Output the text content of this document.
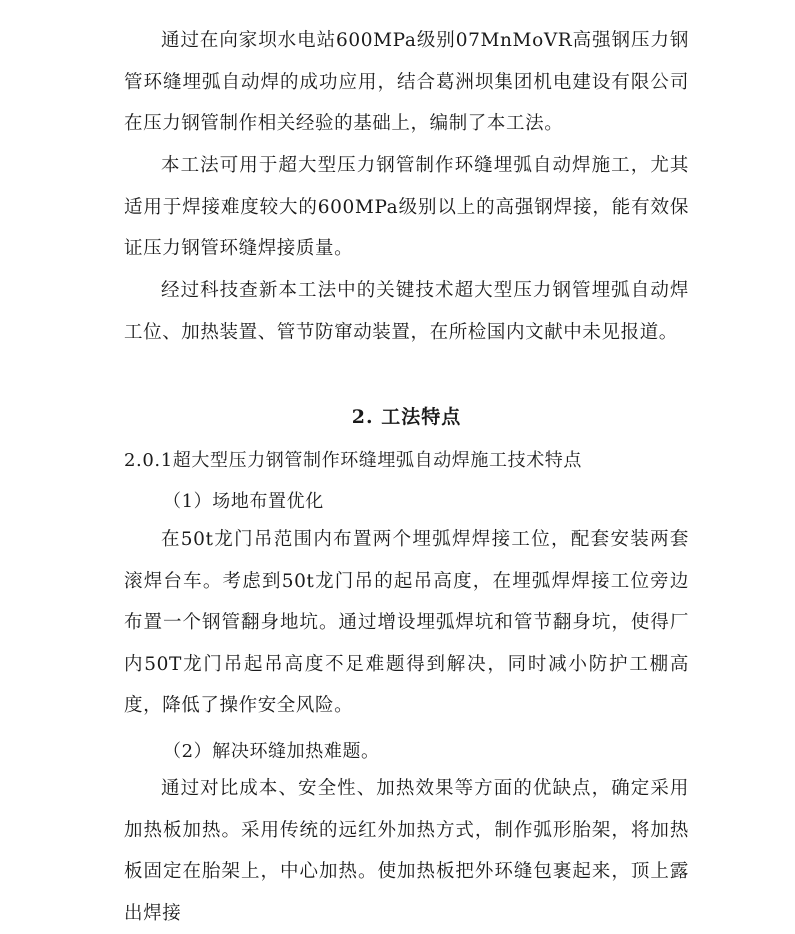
通过在向家坝水电站600MPa级别07MnMoVR高强钢压力钢管环缝埋弧自动焊的成功应用，结合葛洲坝集团机电建设有限公司在压力钢管制作相关经验的基础上，编制了本工法。

本工法可用于超大型压力钢管制作环缝埋弧自动焊施工，尤其适用于焊接难度较大的600MPa级别以上的高强钢焊接，能有效保证压力钢管环缝焊接质量。

经过科技查新本工法中的关键技术超大型压力钢管埋弧自动焊工位、加热装置、管节防窜动装置，在所检国内文献中未见报道。

2. 工法特点

2.0.1超大型压力钢管制作环缝埋弧自动焊施工技术特点

（1）场地布置优化

在50t龙门吊范围内布置两个埋弧焊焊接工位，配套安装两套滚焊台车。考虑到50t龙门吊的起吊高度，在埋弧焊焊接工位旁边布置一个钢管翻身地坑。通过增设埋弧焊坑和管节翻身坑，使得厂内50T龙门吊起吊高度不足难题得到解决，同时减小防护工棚高度，降低了操作安全风险。

（2）解决环缝加热难题。

通过对比成本、安全性、加热效果等方面的优缺点，确定采用加热板加热。采用传统的远红外加热方式，制作弧形胎架，将加热板固定在胎架上，中心加热。使加热板把外环缝包裹起来，顶上露出焊接
